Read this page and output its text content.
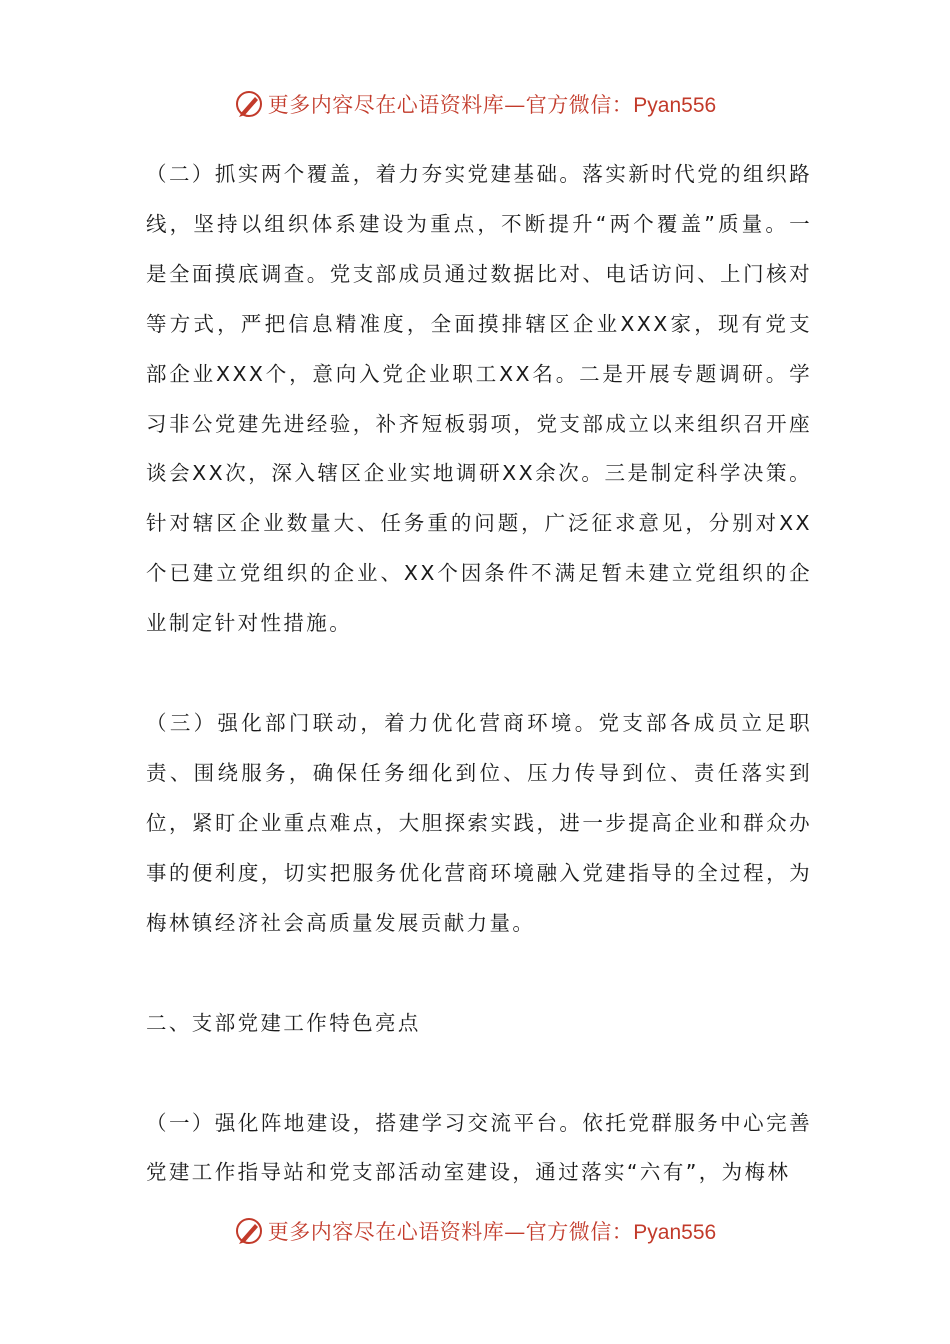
更多内容尽在心语资料库—官方微信：Pyan556

（二）抓实两个覆盖，着力夯实党建基础。落实新时代党的组织路线，坚持以组织体系建设为重点，不断提升“两个覆盖”质量。一是全面摸底调查。党支部成员通过数据比对、电话访问、上门核对等方式，严把信息精准度，全面摸排辖区企业XXX家，现有党支部企业XXX个，意向入党企业职工XX名。二是开展专题调研。学习非公党建先进经验，补齐短板弱项，党支部成立以来组织召开座谈会XX次，深入辖区企业实地调研XX余次。三是制定科学决策。针对辖区企业数量大、任务重的问题，广泛征求意见，分别对XX个已建立党组织的企业、XX个因条件不满足暂未建立党组织的企业制定针对性措施。

（三）强化部门联动，着力优化营商环境。党支部各成员立足职责、围绕服务，确保任务细化到位、压力传导到位、责任落实到位，紧盯企业重点难点，大胆探索实践，进一步提高企业和群众办事的便利度，切实把服务优化营商环境融入党建指导的全过程，为梅林镇经济社会高质量发展贡献力量。

二、支部党建工作特色亮点

（一）强化阵地建设，搭建学习交流平台。依托党群服务中心完善党建工作指导站和党支部活动室建设，通过落实“六有”，为梅林

更多内容尽在心语资料库—官方微信：Pyan556
